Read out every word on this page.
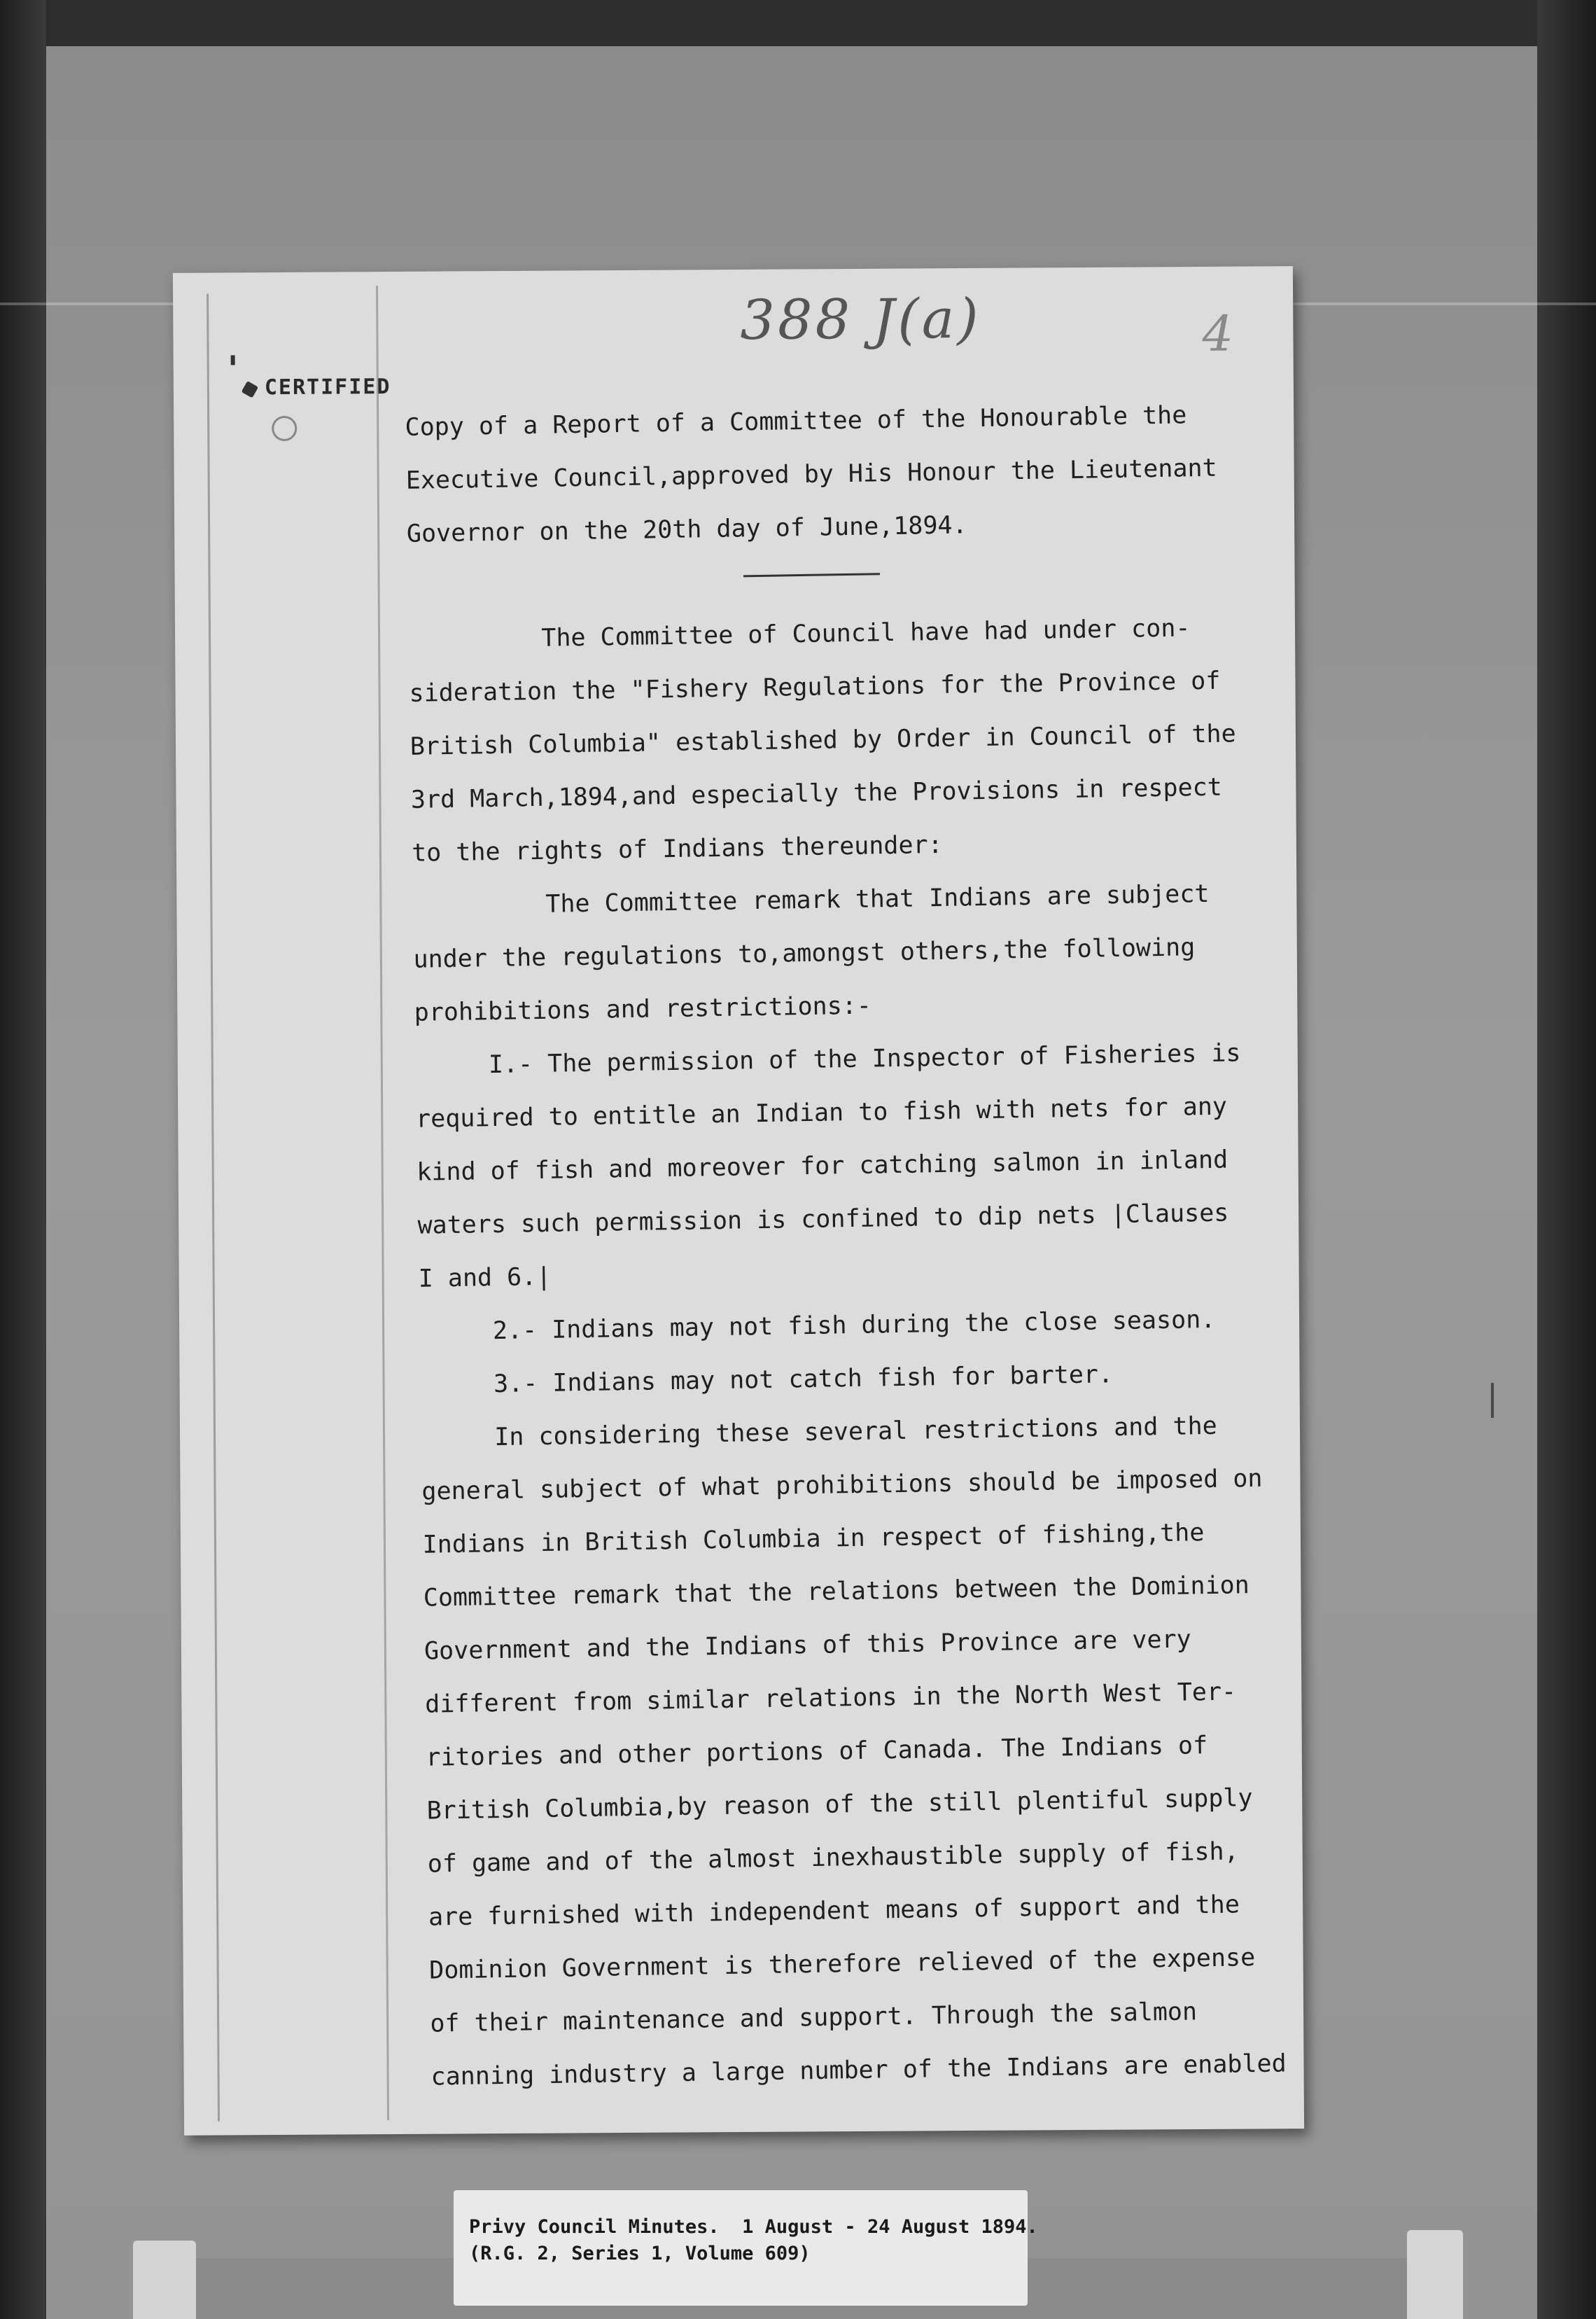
388 J(a)	4
CERTIFIED
Copy of a Report of a Committee of the Honourable the
Executive Council,approved by His Honour the Lieutenant
Governor on the 20th day of June,1894.
The Committee of Council have had under con-
sideration the "Fishery Regulations for the Province of
British Columbia" established by Order in Council of the
3rd March,1894,and especially the Provisions in respect
to the rights of Indians thereunder:
The Committee remark that Indians are subject
under the regulations to,amongst others,the following
prohibitions and restrictions:-
I.- The permission of the Inspector of Fisheries is
required to entitle an Indian to fish with nets for any
kind of fish and moreover for catching salmon in inland
waters such permission is confined to dip nets |Clauses
I and 6.|
2.- Indians may not fish during the close season.
3.- Indians may not catch fish for barter.
In considering these several restrictions and the
general subject of what prohibitions should be imposed on
Indians in British Columbia in respect of fishing,the
Committee remark that the relations between the Dominion
Government and the Indians of this Province are very
different from similar relations in the North West Ter-
ritories and other portions of Canada. The Indians of
British Columbia,by reason of the still plentiful supply
of game and of the almost inexhaustible supply of fish,
are furnished with independent means of support and the
Dominion Government is therefore relieved of the expense
of their maintenance and support. Through the salmon
canning industry a large number of the Indians are enabled
Privy Council Minutes.  1 August - 24 August 1894.
(R.G. 2, Series 1, Volume 609)
